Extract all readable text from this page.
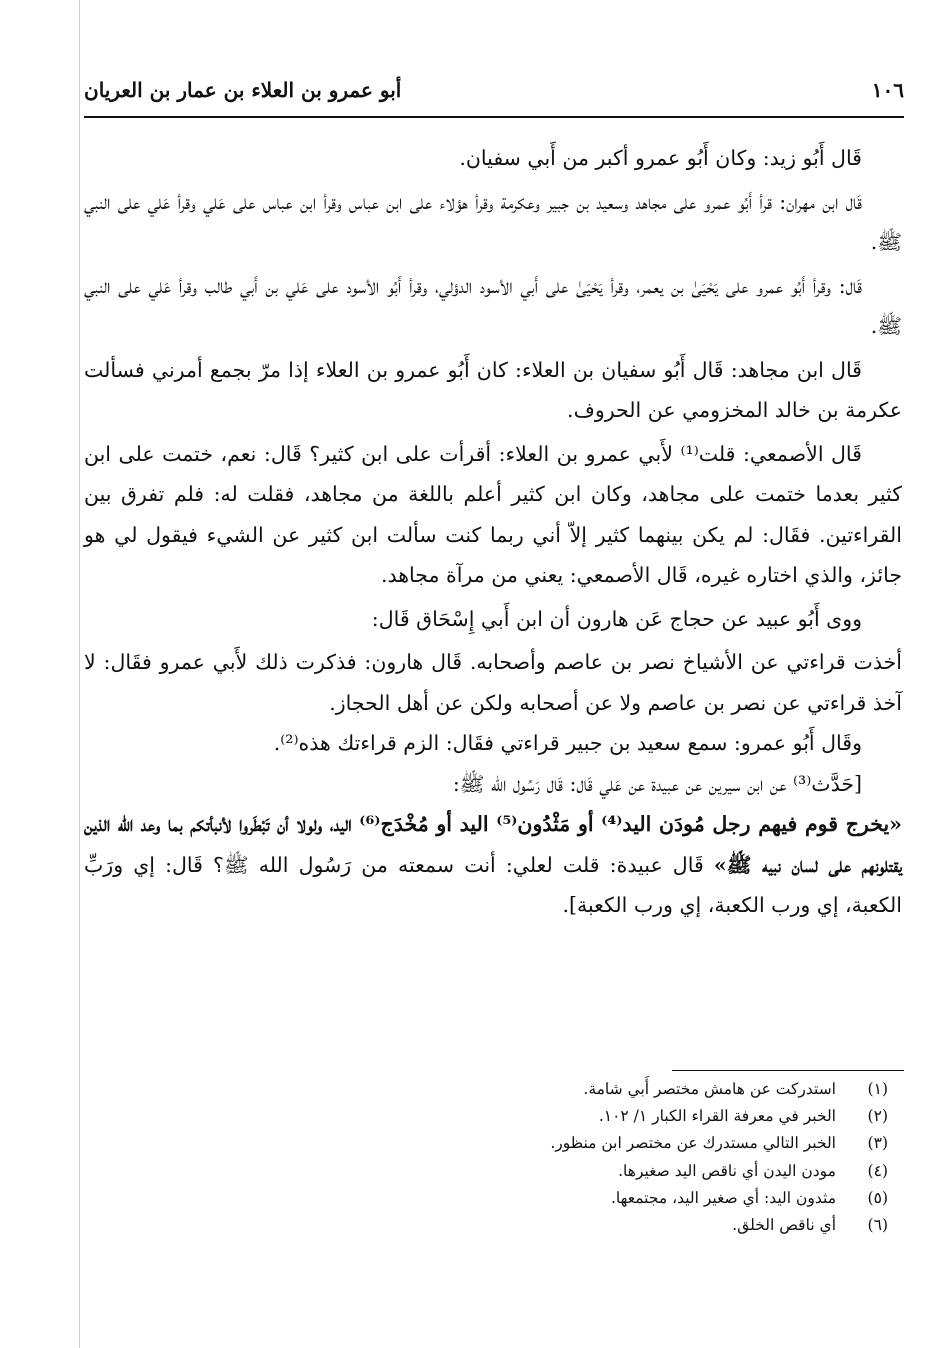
١٠٦
أبو عمرو بن العلاء بن عمار بن العريان

قَال أَبُو زيد: وكان أَبُو عمرو أكبر من أَبي سفيان.

قَال ابن مهران: قرأ أَبُو عمرو على مجاهد وسعيد بن جبير وعكرمة وقرأ هؤلاء على ابن عباس وقرأ ابن عباس على عَلي وقرأ عَلي على النبي ﷺ.

قَال: وقرأ أَبُو عمرو على يَحْيَىٰ بن يعمر، وقرأ يَحْيَىٰ على أَبي الأسود الدؤلي، وقرأ أَبُو الأسود على عَلي بن أَبي طالب وقرأ عَلي على النبي ﷺ.

قَال ابن مجاهد: قَال أَبُو سفيان بن العلاء: كان أَبُو عمرو بن العلاء إذا مرّ بجمع أمرني فسألت عكرمة بن خالد المخزومي عن الحروف.

قَال الأصمعي: قلت⁽¹⁾ لأَبي عمرو بن العلاء: أقرأت على ابن كثير؟ قَال: نعم، ختمت على ابن كثير بعدما ختمت على مجاهد، وكان ابن كثير أعلم باللغة من مجاهد، فقلت له: فلم تفرق بين القراءتين. فقَال: لم يكن بينهما كثير إلاّ أني ربما كنت سألت ابن كثير عن الشيء فيقول لي هو جائز، والذي اختاره غيره، قَال الأصمعي: يعني من مرآة مجاهد.

ووى أَبُو عبيد عن حجاج عَن هارون أن ابن أَبي إِسْحَاق قَال:

أخذت قراءتي عن الأشياخ نصر بن عاصم وأصحابه. قَال هارون: فذكرت ذلك لأَبي عمرو فقَال: لا آخذ قراءتي عن نصر بن عاصم ولا عن أصحابه ولكن عن أهل الحجاز.

وقَال أَبُو عمرو: سمع سعيد بن جبير قراءتي فقَال: الزم قراءتك هذه⁽²⁾.

[حَدَّث⁽³⁾ عن ابن سيرين عن عبيدة عن عَلي قَال: قَال رَسُول الله ﷺ:

«يخرج قوم فيهم رجل مُودَن اليد⁽⁴⁾ أو مَثْدُون⁽⁵⁾ اليد أو مُخْدَج⁽⁶⁾ اليد، ولولا أن تَبْطَروا لأنبأتكم بما وعد الله الذين يقتلونهم على لسان نبيه ﷺ» قَال عبيدة: قلت لعلي: أنت سمعته من رَسُول الله ﷺ؟ قَال: إي ورَبِّ الكعبة، إي ورب الكعبة، إي ورب الكعبة].

(١)
استدركت عن هامش مختصر أَبي شامة.
(٢)
الخبر في معرفة القراء الكبار ١/ ١٠٢.
(٣)
الخبر التالي مستدرك عن مختصر ابن منظور.
(٤)
مودن اليدن أي ناقص اليد صغيرها.
(٥)
مثدون اليد: أي صغير اليد، مجتمعها.
(٦)
أي ناقص الخلق.
